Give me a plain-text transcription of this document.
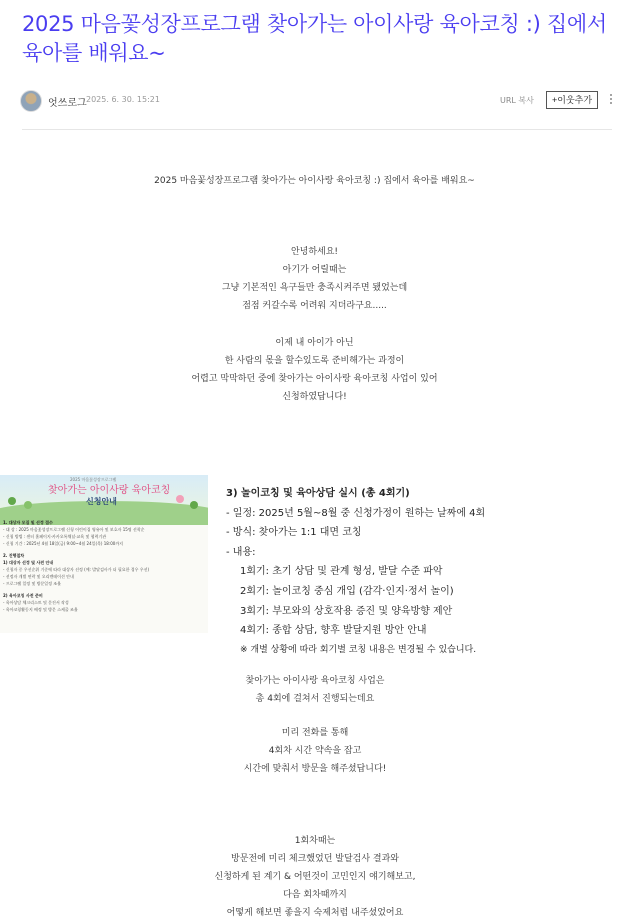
2025 마음꽃성장프로그램 찾아가는 아이사랑 육아코칭 :) 집에서 육아를 배워요~
엇쓰로그 2025. 6. 30. 15:21	URL 복사	+이웃추가

2025 마음꽃성장프로그램 찾아가는 아이사랑 육아코칭 :) 집에서 육아를 배워요~

안녕하세요!

아기가 어릴때는

그냥 기본적인 욕구들만 충족시켜주면 됐었는데

점점 커갈수록 어려워 지더라구요.....

이제 내 아이가 아닌

한 사람의 몫을 할수있도록 준비해가는 과정이

어렵고 막막하던 중에 찾아가는 아이사랑 육아코칭 사업이 있어

신청하였답니다!

2025 마음꽃성장프로그램
찾아가는 아이사랑 육아코칭
신청안내
1. 대상자 모집 및 선정 접수
- 대 상 : 2025 마음꽃성장프로그램 신청 어린이집 영유아 및 보호자 15명 선착순
- 신청 방법 : 센터 홈페이지·카카오톡채널·교육 및 협력기관
- 신청 기간 : 2025년 4월 18일(금) 9:00~4월 24일(목) 18:00까지
2. 진행절차
1) 대상자 선정 및 사전 안내
- 신청자 중 우선순위 기준에 따라 대상자 선정 (예: 발달검사가 더 필요한 경우 우선)
- 선정자 개별 연락 및 오리엔테이션 안내
- 프로그램 일정 및 방문일정 조율
2) 육아코칭 사전 준비
- 육아상담 체크리스트 및 문진서 작성
- 육아코칭활동지 배정 및 방문 스케줄 조율

3) 놀이코칭 및 육아상담 실시 (총 4회기)

- 일정: 2025년 5월~8월 중 신청가정이 원하는 날짜에 4회

- 방식: 찾아가는 1:1 대면 코칭

- 내용:

1회기: 초기 상담 및 관계 형성, 발달 수준 파악

2회기: 놀이코칭 중심 개입 (감각·인지·정서 놀이)

3회기: 부모와의 상호작용 증진 및 양육방향 제안

4회기: 종합 상담, 향후 발달지원 방안 안내

※ 개별 상황에 따라 회기별 코칭 내용은 변경될 수 있습니다.

찾아가는 아이사랑 육아코칭 사업은

총 4회에 걸쳐서 진행되는데요

미리 전화를 통해

4회차 시간 약속을 잡고

시간에 맞춰서 방문을 해주셨답니다!

1회차때는

방문전에 미리 체크했었던 발달검사 결과와

신청하게 된 계기 & 어떤것이 고민인지 얘기해보고,

다음 회차때까지

어떻게 해보면 좋을지 숙제처럼 내주셨었어요
